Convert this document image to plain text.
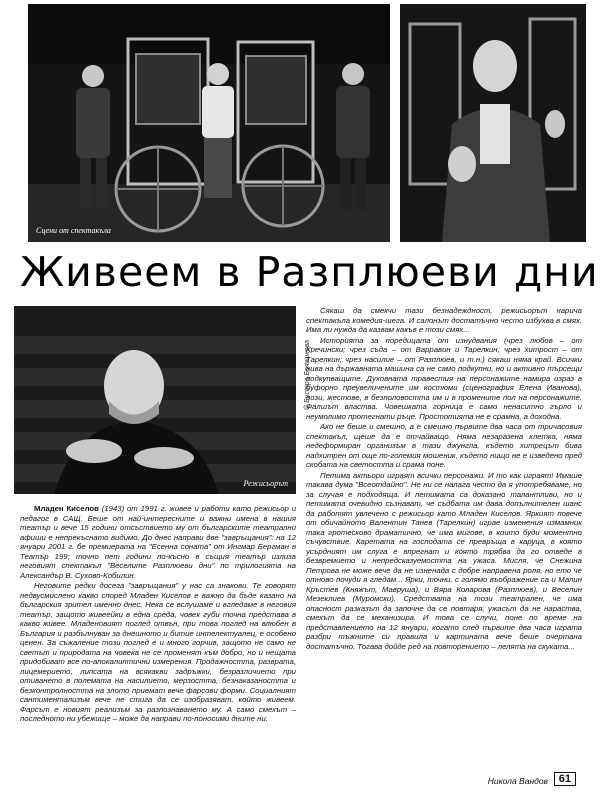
Сцени от спектакъла
Живеем в Разплюеви дни
Режисьорът
© Бистра Бояжикова

Младен Киселов (1943) от 1991 г. живее и работи като режисьор и педагог в САЩ. Беше от най-интересните и важни имена в нашия театър и вече 15 години отсъствието му от българските театрални афиши е непрекъснато видимо. До днес направи две "завръщания": на 12 януари 2001 г. бе премиерата на "Есенна соната" от Ингмар Бергман в Театър 199; точно пет години по-късно в същия театър излиза неговият спектакъл "Веселите Разплюеви дни" по трилогията на Александър В. Сухово-Кобилин.

Неговите редки досега "завръщания" у нас са знакови. Те говорят недвусмислено какво според Младен Киселов е важно да бъде казано на българския зрител именно днес. Нека се вслушаме и вгледаме в неговия театър, защото живеейки в една среда, човек губи точна представа в какво живее. Младеновият поглед отвън, при това поглед на влюбен в България и разбълнуван за днешното и битие интелектуалец, е особено ценен. За съжаление този поглед е и много горчив, защото не само не светът и природата на човека не се променят към добро, но и нещата придобиват все по-апокалиптични измерения. Продажността, разврата, лицемерието, липсата на всякакви задръжки, безразличието при отиването в полемата на насилието, мерзостта, безнаказаността и безконтролността на злото приемат вече фарсови форми. Социалният сантиментализъм вече не стига да се изобразяват, който живеем. Фарсът е новият реализъм за разпознаването му. А само смехът – последното ни убежище – може да направи по-поносими дните ни.

Сякаш да смекчи тази безнадеждност, режисьорът нарича спектакъла комедия-шега. И салонът достатъчно често избухва в смях. Има ли нужда да казвам какъв е този смях...

Историята за поредицата от изнудвания (чрез любов – от Кречински; чрез съда – от Варравин и Тарелкин; чрез хитрост – от Тарелкин; чрез насилие – от Разплюев, и т.н.) сякаш няма край. Всички нива на държавната машина са не само подкупни, но и активно търсещи подкупващите. Духовната травестия на персонажите намира израз в буфорно преувеличените им костюми (сценография Елена Иванова), пози, жестове, в безполовостта им и в промените пол на персонажите. Фалшът властва. Човешката горница е само ненаситно гърло и неумолимо протегнати ръце. Простотията не е срамна, а доходна.

Ако не беше и смешно, а е смешно първите два часа от тричасовия спектакъл, щеше да е отчайващо. Няма незаразена клетка, няма недеформиран организъм в тази джунгла, където хитрецът бива надхитрен от още по-големия мошеник, където нищо не е изведено пред скобата на светостта и срама поне.

Петима актьори играят всички персонажи. И то как играят! Имаше такава дума "Всеотдайно". Не ни се налага често да я употребяваме, но за случая е подходяща. И петимата са доказано талантливи, но и петимата очевидно съзнават, че съдбата им дава допълнителен шанс да работят увлечено с режисьор като Младен Киселов. Яркият повече от обичайното Валентин Танев (Тарелкин) играе изменения измамник така гротесково драматично, че има мигове, в които буди моментно съчувствие. Каретата на господата се превръща в каруца, в която усърдният им слуга е впрегнат и която трябва да го отведе в безвремието и непредсказуемостта на ужаса. Мисля, че Снежина Петрова не може вече да не изненада с добре направена роля, но ето че отново почуди я гледам... Ярки, точни, с голямо въображение са и Малин Кръстев (Княжът, Мавруша), и Вяра Коларова (Разплюев), и Веселин Мезеклиев (Муромски). Средствата на този театрален, че има опасност разказът да започне да се повтаря, ужасът да не нараства, смехът да се механизира. И това се случи, поне по време на представлението на 12 януари, когато след първите два часа играта разбри тъжните си правила и картината вече беше очертана достатъчно. Тогава дойде ред на повторението – лелята на скуката...

Никола Вандов 61
